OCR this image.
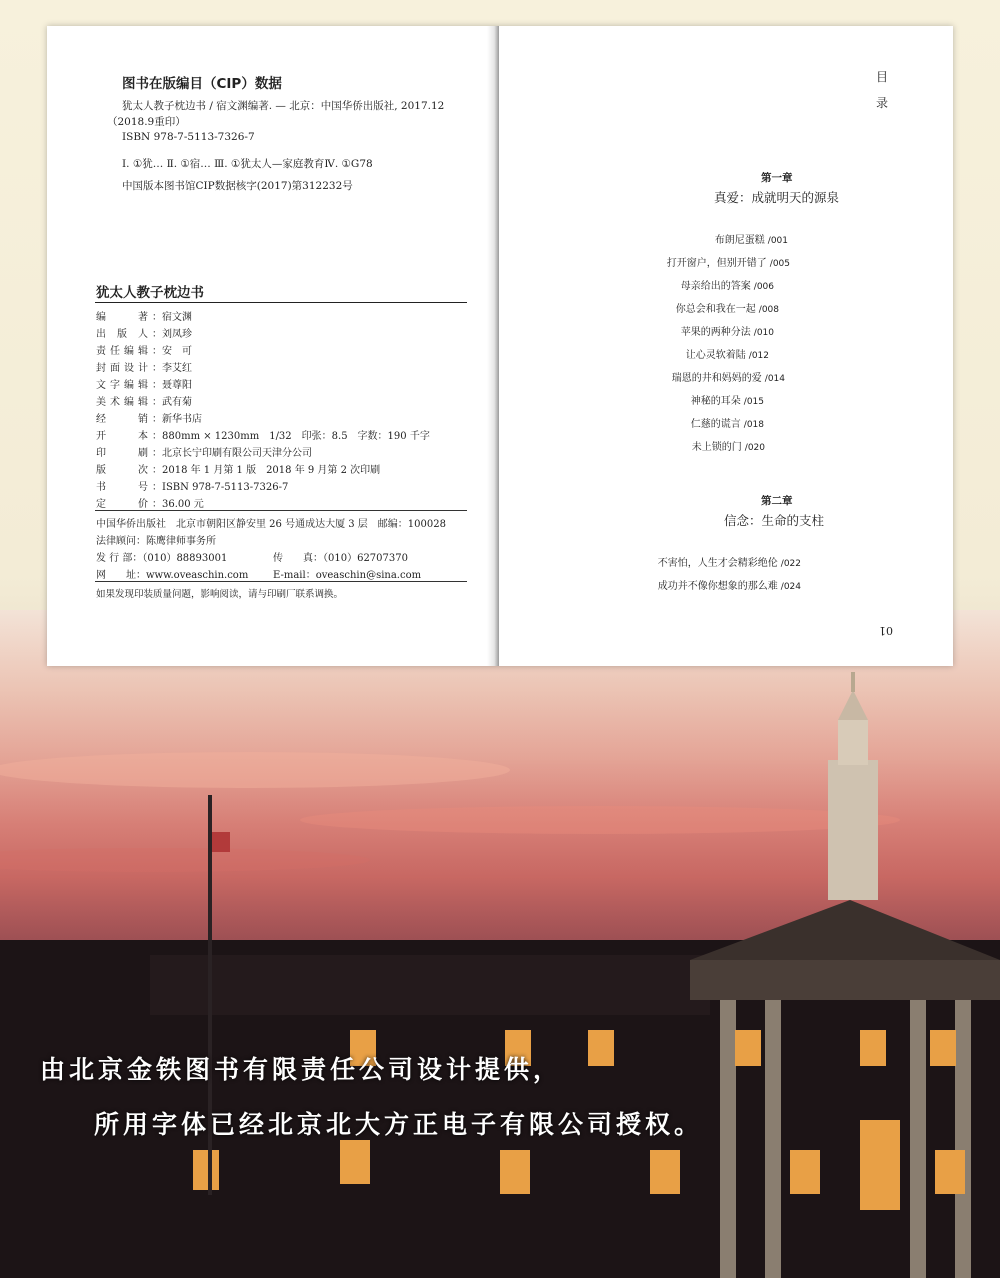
图书在版编目（CIP）数据
犹太人教子枕边书 / 宿文渊编著. — 北京：中国华侨出版社, 2017.12
（2018.9重印）
ISBN 978-7-5113-7326-7
Ⅰ. ①犹… Ⅱ. ①宿… Ⅲ. ①犹太人—家庭教育Ⅳ. ①G78
中国版本图书馆CIP数据核字(2017)第312232号
犹太人教子枕边书
编　　著 ：宿文渊
出 版 人 ：刘凤珍
责任编辑 ：安　可
封面设计 ：李艾红
文字编辑 ：聂尊阳
美术编辑 ：武有菊
经　　销 ：新华书店
开　　本 ：880mm × 1230mm　1/32　印张：8.5　字数：190 千字
印　　刷 ：北京长宁印刷有限公司天津分公司
版　　次 ：2018 年 1 月第 1 版　2018 年 9 月第 2 次印刷
书　　号 ：ISBN 978-7-5113-7326-7
定　　价 ：36.00 元
中国华侨出版社　北京市朝阳区静安里 26 号通成达大厦 3 层　邮编：100028
法律顾问：陈鹰律师事务所
发 行 部：（010）88893001	传　　真：（010）62707370
网　　址：www.oveaschin.com E-mail：oveaschin@sina.com
如果发现印装质量问题，影响阅读，请与印刷厂联系调换。
目
录
第一章
真爱：成就明天的源泉
布朗尼蛋糕 /001
打开窗户，但别开错了 /005
母亲给出的答案 /006
你总会和我在一起 /008
苹果的两种分法 /010
让心灵软着陆 /012
瑞恩的井和妈妈的爱 /014
神秘的耳朵 /015
仁慈的谎言 /018
未上锁的门 /020
第二章
信念：生命的支柱
不害怕，人生才会精彩绝伦 /022
成功并不像你想象的那么难 /024
01
由北京金铁图书有限责任公司设计提供，
所用字体已经北京北大方正电子有限公司授权。
